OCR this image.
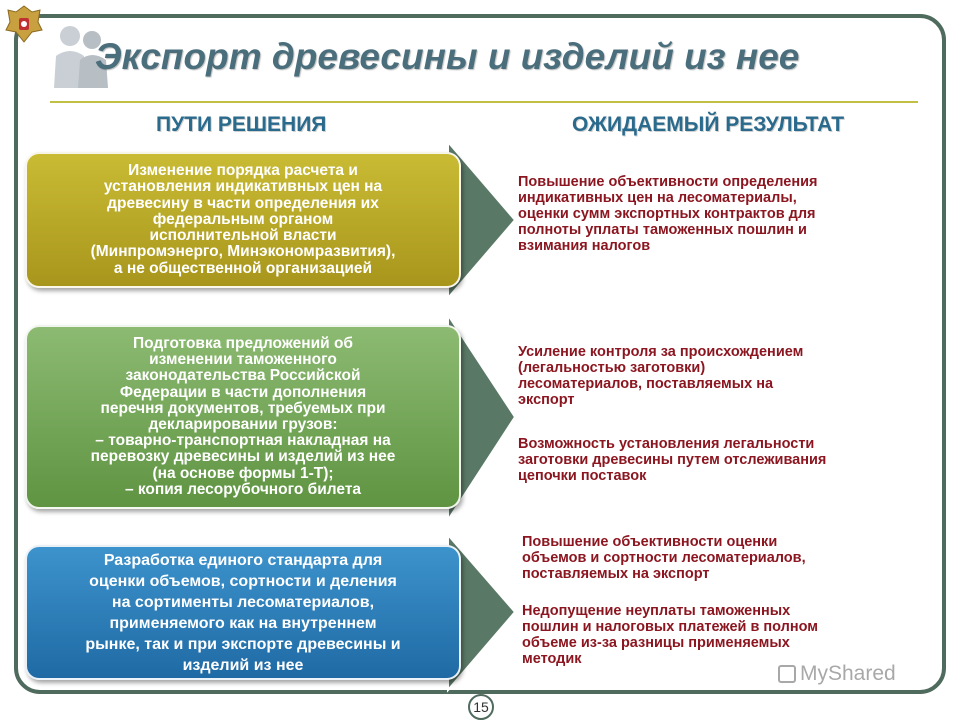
Экспорт древесины и изделий из нее
ПУТИ РЕШЕНИЯ	ОЖИДАЕМЫЙ РЕЗУЛЬТАТ
Изменение порядка расчета и
установления индикативных цен на
древесину в части определения их
федеральным органом
исполнительной власти
(Минпромэнерго, Минэкономразвития),
а не общественной организацией
Подготовка предложений об
изменении таможенного
законодательства Российской
Федерации в части дополнения
перечня документов, требуемых при
декларировании грузов:
– товарно-транспортная накладная на
перевозку древесины и изделий из нее
(на основе формы 1-Т);
– копия лесорубочного билета
Разработка единого стандарта для
оценки объемов, сортности и деления
на сортименты лесоматериалов,
применяемого как на внутреннем
рынке, так и при экспорте древесины и
изделий из нее
Повышение объективности определения
индикативных цен на лесоматериалы,
оценки сумм экспортных контрактов для
полноты уплаты таможенных пошлин и
взимания налогов
Усиление контроля за происхождением
(легальностью заготовки)
лесоматериалов, поставляемых на
экспорт
Возможность установления легальности
заготовки древесины путем отслеживания
цепочки поставок
Повышение объективности оценки
объемов и сортности лесоматериалов,
поставляемых на экспорт
Недопущение неуплаты таможенных
пошлин и налоговых платежей в полном
объеме из-за разницы применяемых
методик
MyShared
15
